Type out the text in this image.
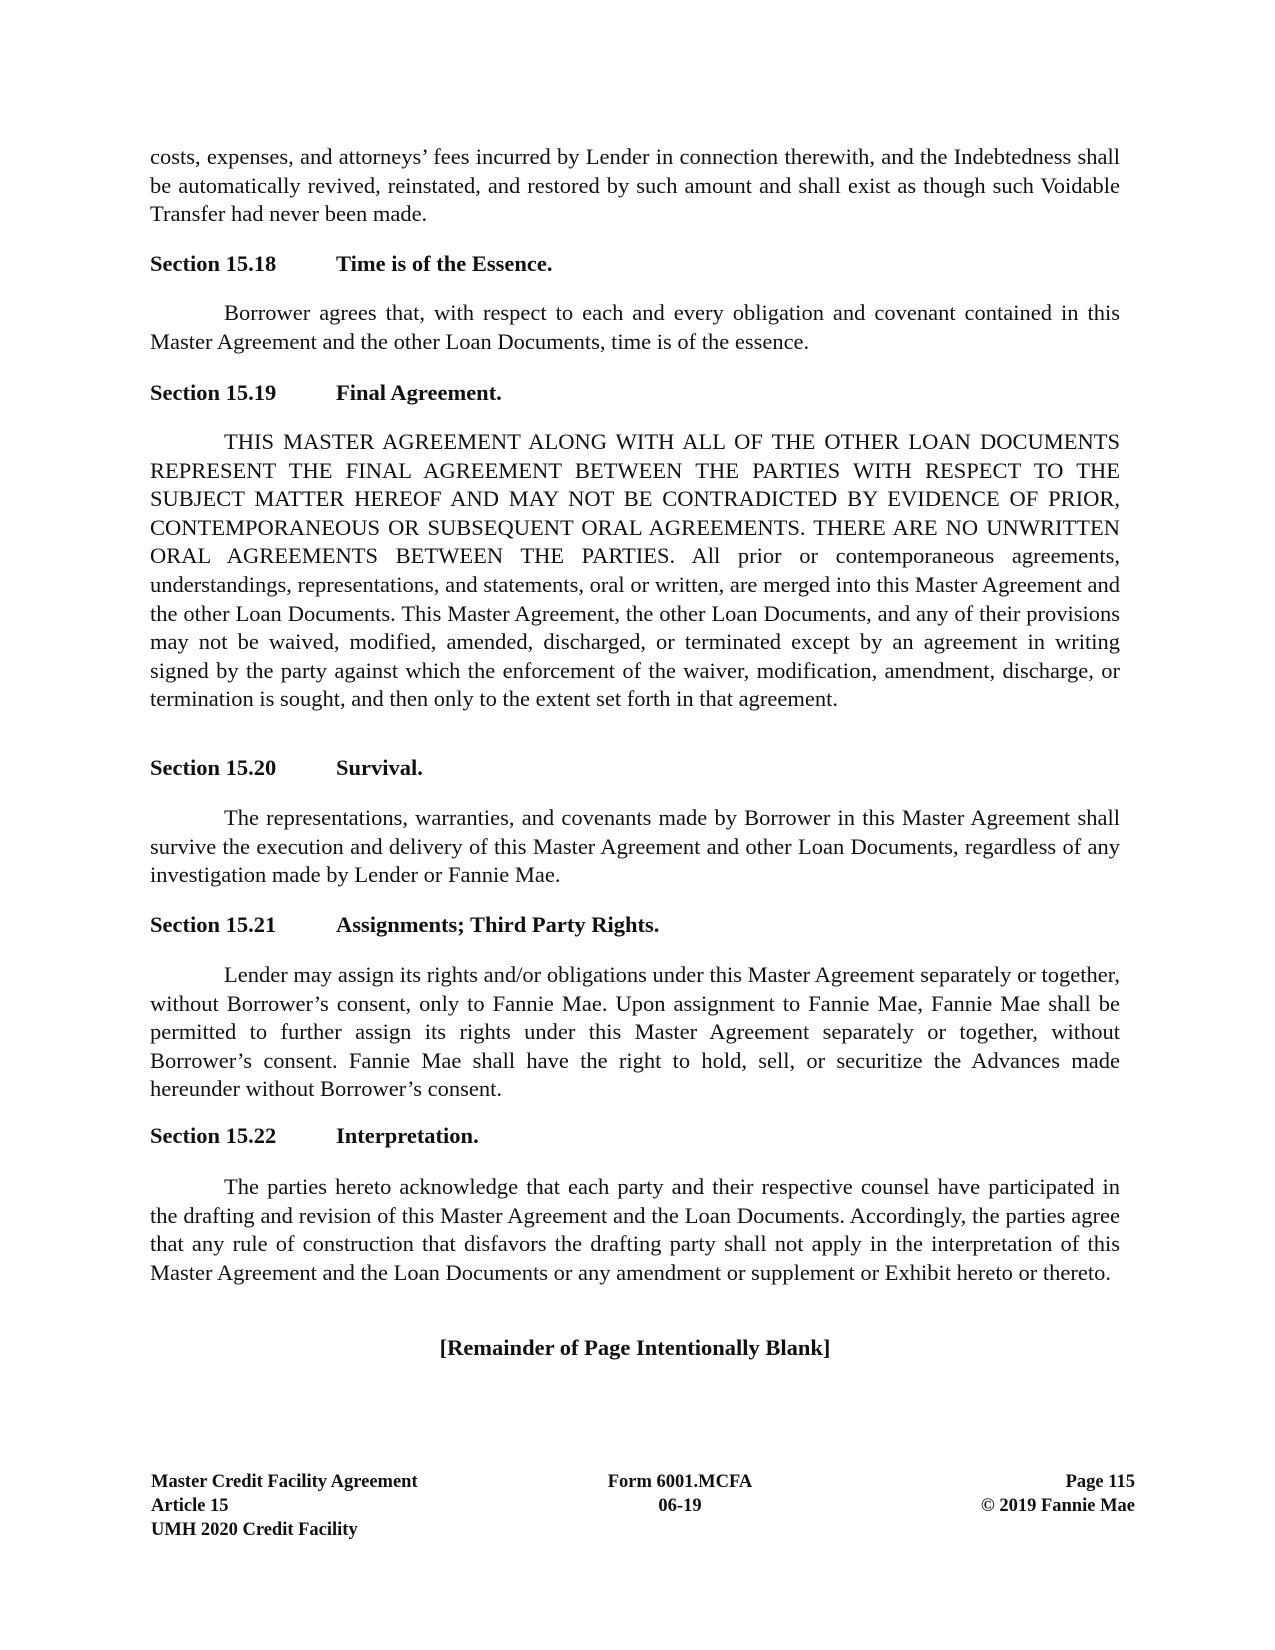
costs, expenses, and attorneys’ fees incurred by Lender in connection therewith, and the Indebtedness shall be automatically revived, reinstated, and restored by such amount and shall exist as though such Voidable Transfer had never been made.

Section 15.18	Time is of the Essence.

Borrower agrees that, with respect to each and every obligation and covenant contained in this Master Agreement and the other Loan Documents, time is of the essence.

Section 15.19	Final Agreement.

THIS MASTER AGREEMENT ALONG WITH ALL OF THE OTHER LOAN DOCUMENTS REPRESENT THE FINAL AGREEMENT BETWEEN THE PARTIES WITH RESPECT TO THE SUBJECT MATTER HEREOF AND MAY NOT BE CONTRADICTED BY EVIDENCE OF PRIOR, CONTEMPORANEOUS OR SUBSEQUENT ORAL AGREEMENTS. THERE ARE NO UNWRITTEN ORAL AGREEMENTS BETWEEN THE PARTIES. All prior or contemporaneous agreements, understandings, representations, and statements, oral or written, are merged into this Master Agreement and the other Loan Documents. This Master Agreement, the other Loan Documents, and any of their provisions may not be waived, modified, amended, discharged, or terminated except by an agreement in writing signed by the party against which the enforcement of the waiver, modification, amendment, discharge, or termination is sought, and then only to the extent set forth in that agreement.

Section 15.20	Survival.

The representations, warranties, and covenants made by Borrower in this Master Agreement shall survive the execution and delivery of this Master Agreement and other Loan Documents, regardless of any investigation made by Lender or Fannie Mae.

Section 15.21	Assignments; Third Party Rights.

Lender may assign its rights and/or obligations under this Master Agreement separately or together, without Borrower’s consent, only to Fannie Mae. Upon assignment to Fannie Mae, Fannie Mae shall be permitted to further assign its rights under this Master Agreement separately or together, without Borrower’s consent. Fannie Mae shall have the right to hold, sell, or securitize the Advances made hereunder without Borrower’s consent.

Section 15.22	Interpretation.

The parties hereto acknowledge that each party and their respective counsel have participated in the drafting and revision of this Master Agreement and the Loan Documents. Accordingly, the parties agree that any rule of construction that disfavors the drafting party shall not apply in the interpretation of this Master Agreement and the Loan Documents or any amendment or supplement or Exhibit hereto or thereto.

[Remainder of Page Intentionally Blank]
Master Credit Facility Agreement
Article 15
UMH 2020 Credit Facility
Form 6001.MCFA
06-19
Page 115
© 2019 Fannie Mae
